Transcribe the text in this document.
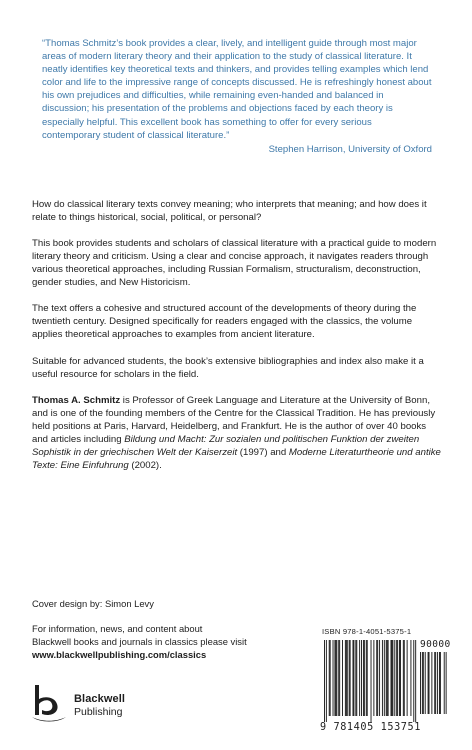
“Thomas Schmitz’s book provides a clear, lively, and intelligent guide through most major areas of modern literary theory and their application to the study of classical literature. It neatly identifies key theoretical texts and thinkers, and provides telling examples which lend color and life to the impressive range of concepts discussed. He is refreshingly honest about his own prejudices and difficulties, while remaining even-handed and balanced in discussion; his presentation of the problems and objections faced by each theory is especially helpful. This excellent book has something to offer for every serious contemporary student of classical literature.”

Stephen Harrison, University of Oxford

How do classical literary texts convey meaning; who interprets that meaning; and how does it relate to things historical, social, political, or personal?

This book provides students and scholars of classical literature with a practical guide to modern literary theory and criticism. Using a clear and concise approach, it navigates readers through various theoretical approaches, including Russian Formalism, structuralism, deconstruction, gender studies, and New Historicism.

The text offers a cohesive and structured account of the developments of theory during the twentieth century. Designed specifically for readers engaged with the classics, the volume applies theoretical approaches to examples from ancient literature.

Suitable for advanced students, the book’s extensive bibliographies and index also make it a useful resource for scholars in the field.

Thomas A. Schmitz is Professor of Greek Language and Literature at the University of Bonn, and is one of the founding members of the Centre for the Classical Tradition. He has previously held positions at Paris, Harvard, Heidelberg, and Frankfurt. He is the author of over 40 books and articles including Bildung und Macht: Zur sozialen und politischen Funktion der zweiten Sophistik in der griechischen Welt der Kaiserzeit (1997) and Moderne Literaturtheorie und antike Texte: Eine Einfuhrung (2002).

Cover design by: Simon Levy
For information, news, and content about
Blackwell books and journals in classics please visit
www.blackwellpublishing.com/classics
Blackwell
Publishing
ISBN 978-1-4051-5375-1
90000
9 781405 153751
